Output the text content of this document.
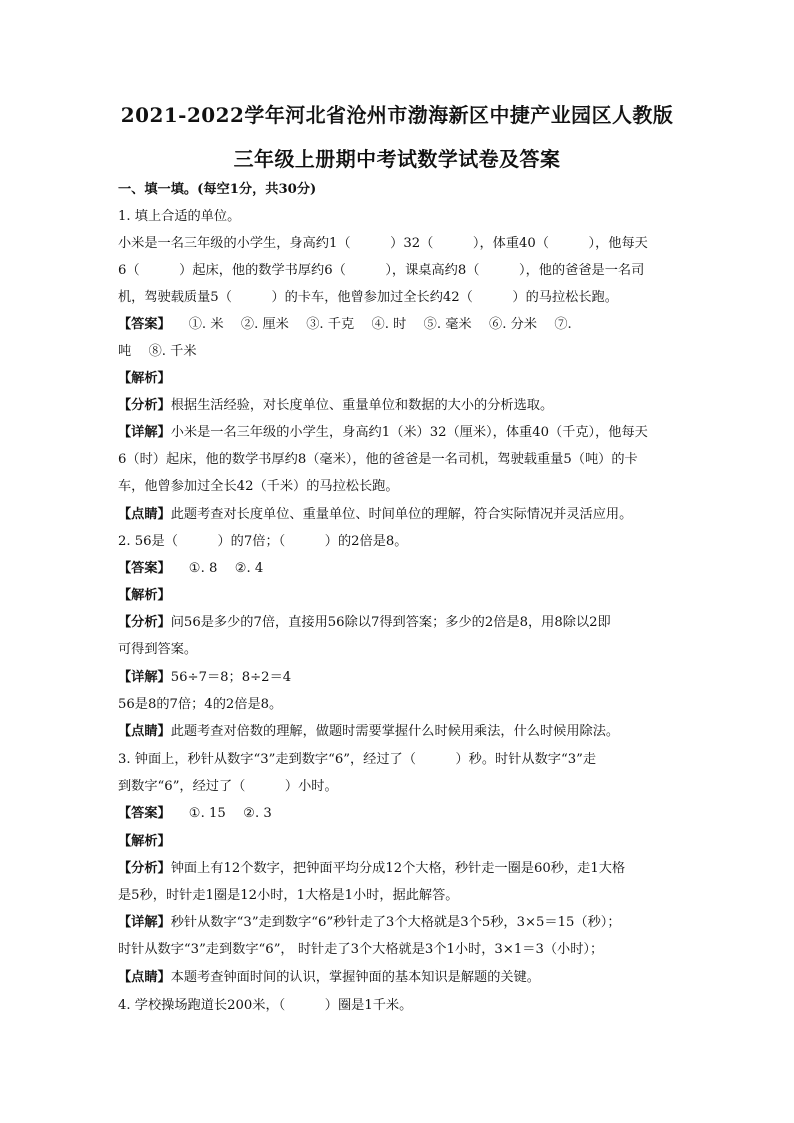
2021-2022学年河北省沧州市渤海新区中捷产业园区人教版
三年级上册期中考试数学试卷及答案
一、填一填。(每空1分，共30分)
1. 填上合适的单位。
小米是一名三年级的小学生，身高约1（　　　）32（　　　），体重40（　　　），他每天
6（　　　）起床，他的数学书厚约6（　　　），课桌高约8（　　　），他的爸爸是一名司
机，驾驶载质量5（　　　）的卡车，他曾参加过全长约42（　　　）的马拉松长跑。
【答案】 ①. 米　 ②. 厘米　 ③. 千克　 ④. 时　 ⑤. 毫米　 ⑥. 分米　 ⑦.
吨　 ⑧. 千米
【解析】
【分析】根据生活经验，对长度单位、重量单位和数据的大小的分析选取。
【详解】小米是一名三年级的小学生，身高约1（米）32（厘米），体重40（千克），他每天
6（时）起床，他的数学书厚约8（毫米），他的爸爸是一名司机，驾驶载重量5（吨）的卡
车，他曾参加过全长42（千米）的马拉松长跑。
【点睛】此题考查对长度单位、重量单位、时间单位的理解，符合实际情况并灵活应用。
2. 56是（　　　）的7倍；（　　　）的2倍是8。
【答案】 ①. 8　 ②. 4
【解析】
【分析】问56是多少的7倍，直接用56除以7得到答案；多少的2倍是8，用8除以2即
可得到答案。
【详解】56÷7＝8；8÷2＝4
56是8的7倍；4的2倍是8。
【点睛】此题考查对倍数的理解，做题时需要掌握什么时候用乘法，什么时候用除法。
3. 钟面上，秒针从数字“3”走到数字“6”，经过了（　　　）秒。时针从数字“3”走
到数字“6”，经过了（　　　）小时。
【答案】 ①. 15　 ②. 3
【解析】
【分析】钟面上有12个数字，把钟面平均分成12个大格，秒针走一圈是60秒，走1大格
是5秒，时针走1圈是12小时，1大格是1小时，据此解答。
【详解】秒针从数字“3”走到数字“6”秒针走了3个大格就是3个5秒，3×5＝15（秒）；
时针从数字“3”走到数字“6”， 时针走了3个大格就是3个1小时，3×1＝3（小时）；
【点睛】本题考查钟面时间的认识，掌握钟面的基本知识是解题的关键。
4. 学校操场跑道长200米，（　　　）圈是1千米。
